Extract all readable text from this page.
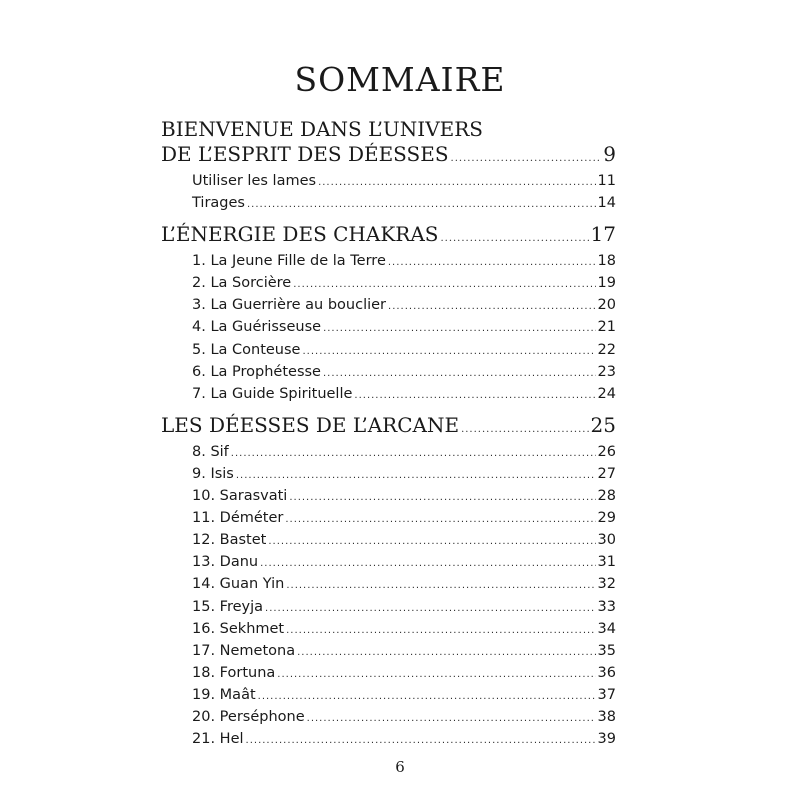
SOMMAIRE
BIENVENUE DANS L’UNIVERS
DE L’ESPRIT DES DÉESSES .....	9
Utiliser les lames .....	11
Tirages .....	14
L’ÉNERGIE DES CHAKRAS .....	17
1. La Jeune Fille de la Terre .....	18
2. La Sorcière .....	19
3. La Guerrière au bouclier .....	20
4. La Guérisseuse .....	21
5. La Conteuse .....	22
6. La Prophétesse .....	23
7. La Guide Spirituelle .....	24
LES DÉESSES DE L’ARCANE .....	25
8. Sif .....	26
9. Isis .....	27
10. Sarasvati .....	28
11. Déméter .....	29
12. Bastet .....	30
13. Danu .....	31
14. Guan Yin .....	32
15. Freyja .....	33
16. Sekhmet .....	34
17. Nemetona .....	35
18. Fortuna .....	36
19. Maât .....	37
20. Perséphone .....	38
21. Hel .....	39
6
